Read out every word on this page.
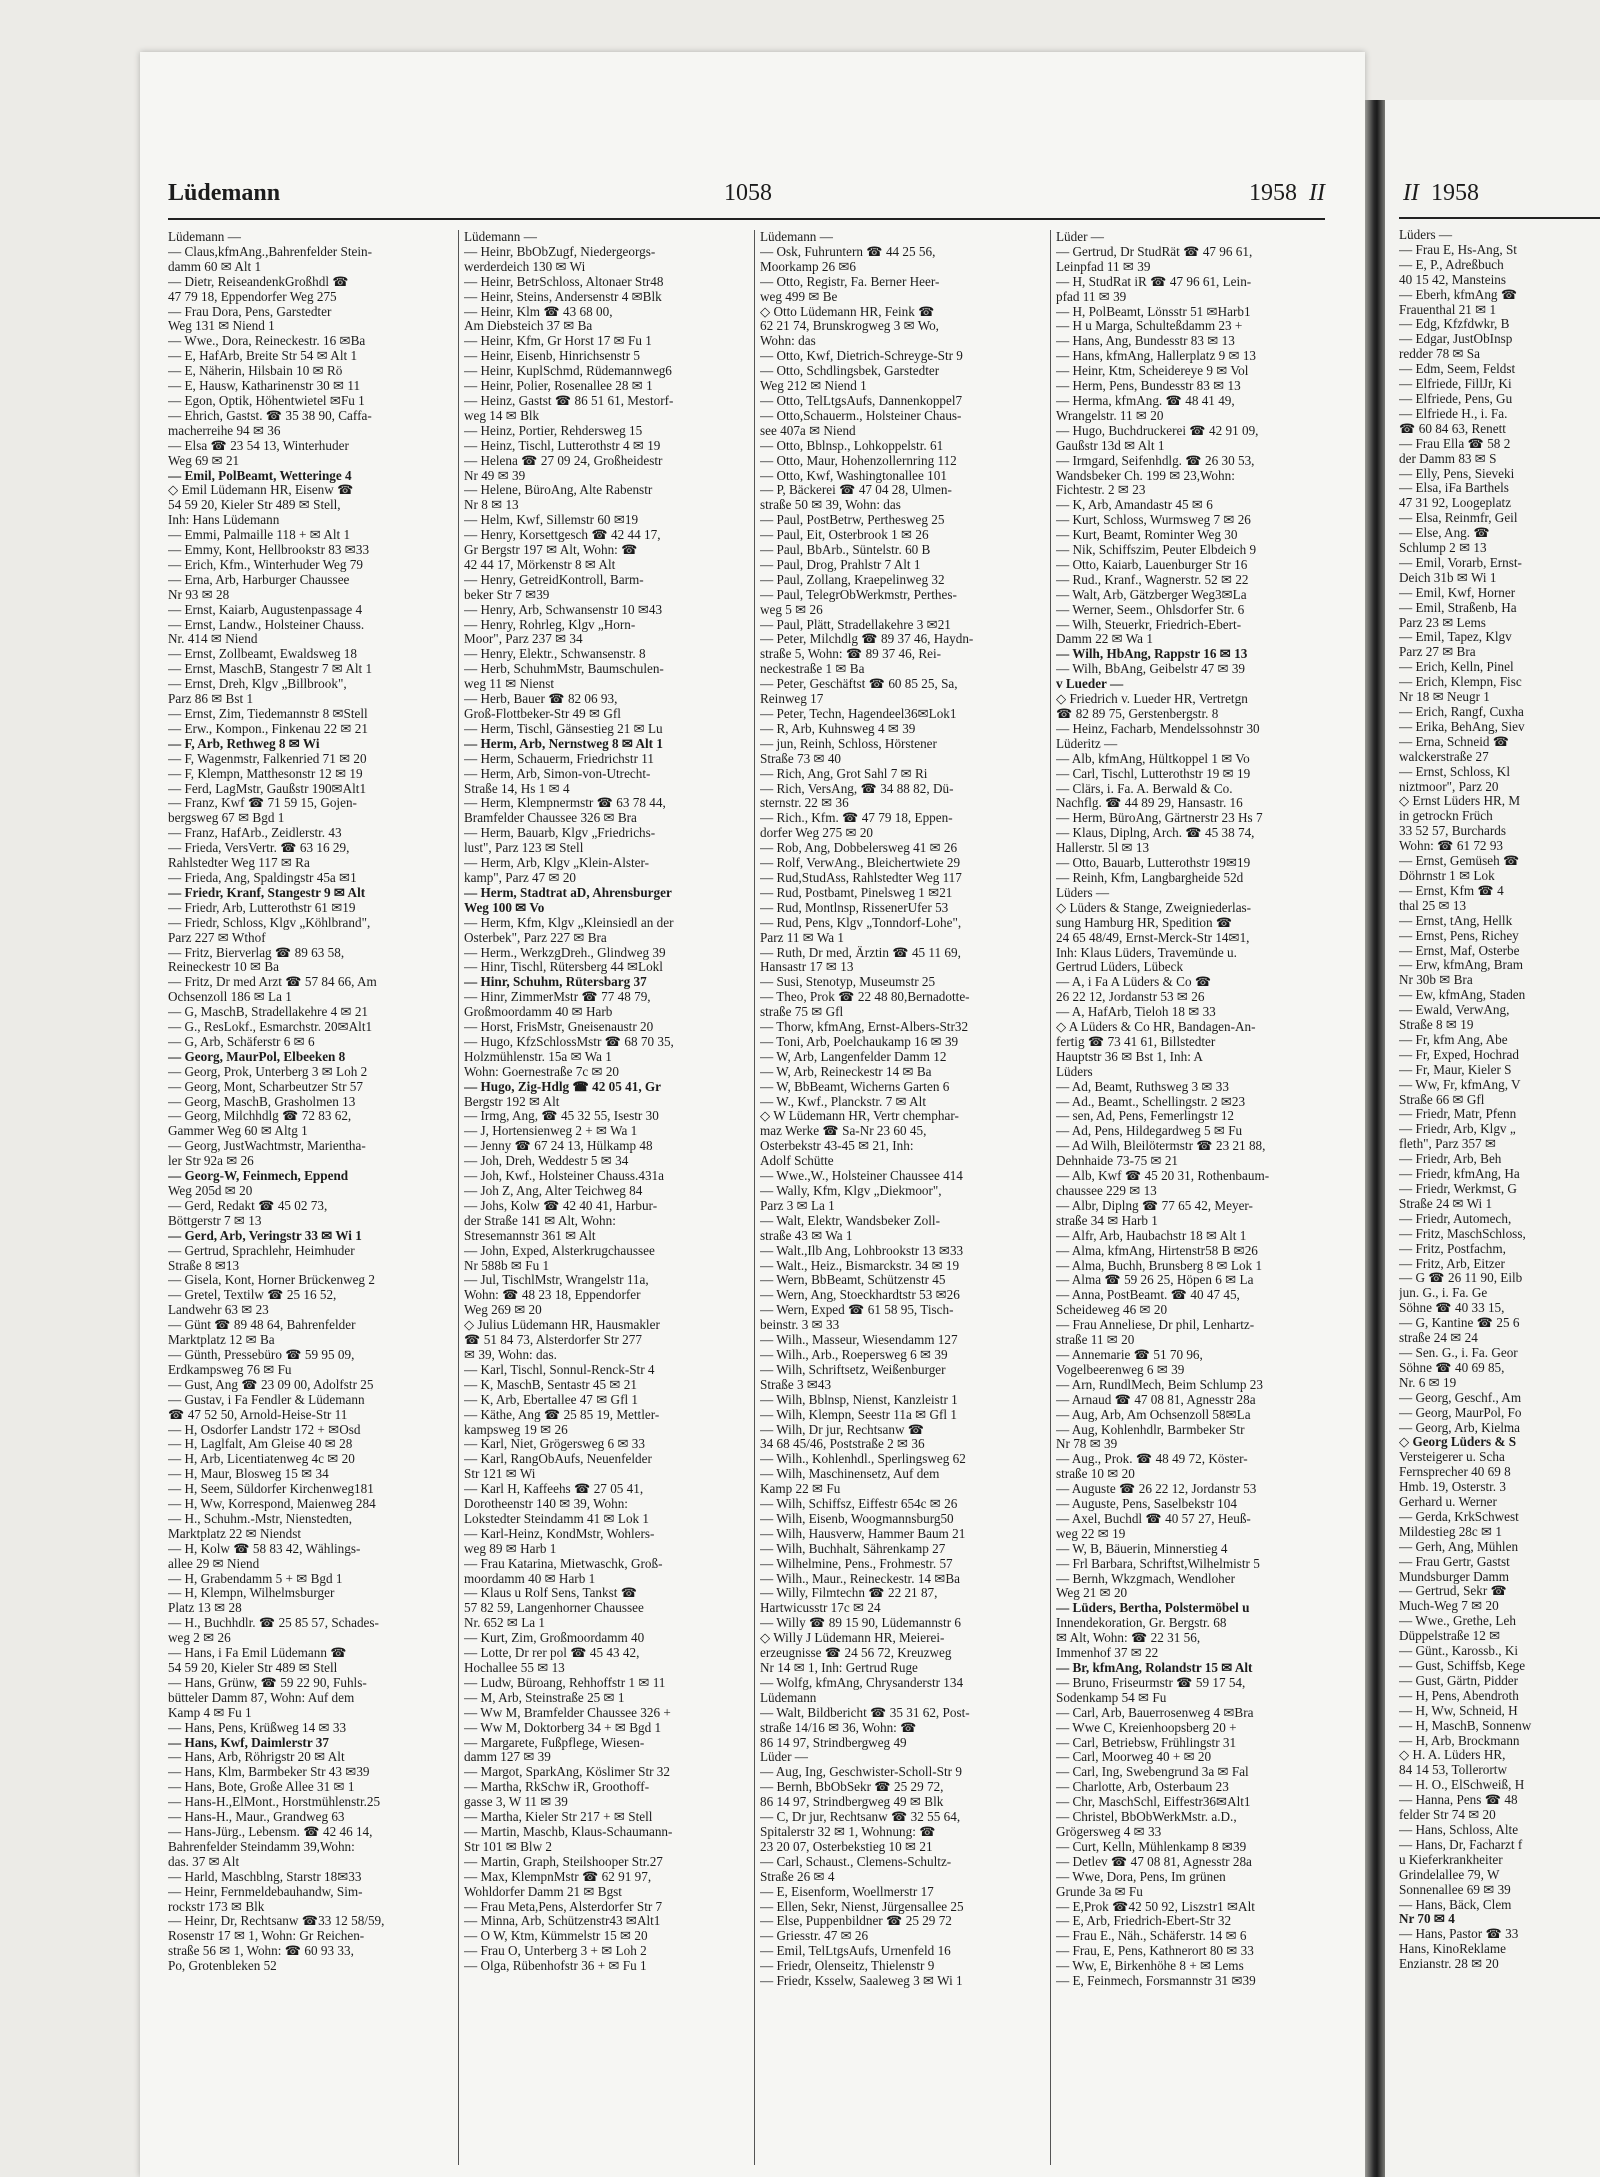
Lüdemann	1058	1958 II
Lüdemann —
— Claus,kfmAng.,Bahrenfelder Stein-
damm 60 ✉ Alt 1
— Dietr, ReiseandenkGroßhdl ☎
47 79 18, Eppendorfer Weg 275
— Frau Dora, Pens, Garstedter
Weg 131 ✉ Niend 1
— Wwe., Dora, Reineckestr. 16 ✉Ba
— E, HafArb, Breite Str 54 ✉ Alt 1
— E, Näherin, Hilsbain 10 ✉ Rö
— E, Hausw, Katharinenstr 30 ✉ 11
— Egon, Optik, Höhentwietel ✉Fu 1
— Ehrich, Gastst. ☎ 35 38 90, Caffa-
macherreihe 94 ✉ 36
— Elsa ☎ 23 54 13, Winterhuder
Weg 69 ✉ 21
— Emil, PolBeamt, Wetteringe 4
◇ Emil Lüdemann HR, Eisenw ☎
54 59 20, Kieler Str 489 ✉ Stell,
Inh: Hans Lüdemann
— Emmi, Palmaille 118 + ✉ Alt 1
— Emmy, Kont, Hellbrookstr 83 ✉33
— Erich, Kfm., Winterhuder Weg 79
— Erna, Arb, Harburger Chaussee
Nr 93 ✉ 28
— Ernst, Kaiarb, Augustenpassage 4
— Ernst, Landw., Holsteiner Chauss.
Nr. 414 ✉ Niend
— Ernst, Zollbeamt, Ewaldsweg 18
— Ernst, MaschB, Stangestr 7 ✉ Alt 1
— Ernst, Dreh, Klgv „Billbrook",
Parz 86 ✉ Bst 1
— Ernst, Zim, Tiedemannstr 8 ✉Stell
— Erw., Kompon., Finkenau 22 ✉ 21
— F, Arb, Rethweg 8 ✉ Wi
— F, Wagenmstr, Falkenried 71 ✉ 20
— F, Klempn, Matthesonstr 12 ✉ 19
— Ferd, LagMstr, Gaußstr 190✉Alt1
— Franz, Kwf ☎ 71 59 15, Gojen-
bergsweg 67 ✉ Bgd 1
— Franz, HafArb., Zeidlerstr. 43
— Frieda, VersVertr. ☎ 63 16 29,
Rahlstedter Weg 117 ✉ Ra
— Frieda, Ang, Spaldingstr 45a ✉1
— Friedr, Kranf, Stangestr 9 ✉ Alt
— Friedr, Arb, Lutterothstr 61 ✉19
— Friedr, Schloss, Klgv „Köhlbrand",
Parz 227 ✉ Wthof
— Fritz, Bierverlag ☎ 89 63 58,
Reineckestr 10 ✉ Ba
— Fritz, Dr med Arzt ☎ 57 84 66, Am
Ochsenzoll 186 ✉ La 1
— G, MaschB, Stradellakehre 4 ✉ 21
— G., ResLokf., Esmarchstr. 20✉Alt1
— G, Arb, Schäferstr 6 ✉ 6
— Georg, MaurPol, Elbeeken 8
— Georg, Prok, Unterberg 3 ✉ Loh 2
— Georg, Mont, Scharbeutzer Str 57
— Georg, MaschB, Grasholmen 13
— Georg, Milchhdlg ☎ 72 83 62,
Gammer Weg 60 ✉ Altg 1
— Georg, JustWachtmstr, Marientha-
ler Str 92a ✉ 26
— Georg-W, Feinmech, Eppend
Weg 205d ✉ 20
— Gerd, Redakt ☎ 45 02 73,
Böttgerstr 7 ✉ 13
— Gerd, Arb, Veringstr 33 ✉ Wi 1
— Gertrud, Sprachlehr, Heimhuder
Straße 8 ✉13
— Gisela, Kont, Horner Brückenweg 2
— Gretel, Textilw ☎ 25 16 52,
Landwehr 63 ✉ 23
— Günt ☎ 89 48 64, Bahrenfelder
Marktplatz 12 ✉ Ba
— Günth, Pressebüro ☎ 59 95 09,
Erdkampsweg 76 ✉ Fu
— Gust, Ang ☎ 23 09 00, Adolfstr 25
— Gustav, i Fa Fendler & Lüdemann
☎ 47 52 50, Arnold-Heise-Str 11
— H, Osdorfer Landstr 172 + ✉Osd
— H, Laglfalt, Am Gleise 40 ✉ 28
— H, Arb, Licentiatenweg 4c ✉ 20
— H, Maur, Blosweg 15 ✉ 34
— H, Seem, Süldorfer Kirchenweg181
— H, Ww, Korrespond, Maienweg 284
— H., Schuhm.-Mstr, Nienstedten,
Marktplatz 22 ✉ Niendst
— H, Kolw ☎ 58 83 42, Wählings-
allee 29 ✉ Niend
— H, Grabendamm 5 + ✉ Bgd 1
— H, Klempn, Wilhelmsburger
Platz 13 ✉ 28
— H., Buchhdlr. ☎ 25 85 57, Schades-
weg 2 ✉ 26
— Hans, i Fa Emil Lüdemann ☎
54 59 20, Kieler Str 489 ✉ Stell
— Hans, Grünw, ☎ 59 22 90, Fuhls-
bütteler Damm 87, Wohn: Auf dem
Kamp 4 ✉ Fu 1
— Hans, Pens, Krüßweg 14 ✉ 33
— Hans, Kwf, Daimlerstr 37
— Hans, Arb, Röhrigstr 20 ✉ Alt
— Hans, Klm, Barmbeker Str 43 ✉39
— Hans, Bote, Große Allee 31 ✉ 1
— Hans-H.,ElMont., Horstmühlenstr.25
— Hans-H., Maur., Grandweg 63
— Hans-Jürg., Lebensm. ☎ 42 46 14,
Bahrenfelder Steindamm 39,Wohn:
das. 37 ✉ Alt
— Harld, Maschblng, Starstr 18✉33
— Heinr, Fernmeldebauhandw, Sim-
rockstr 173 ✉ Blk
— Heinr, Dr, Rechtsanw ☎33 12 58/59,
Rosenstr 17 ✉ 1, Wohn: Gr Reichen-
straße 56 ✉ 1, Wohn: ☎ 60 93 33,
Po, Grotenbleken 52
Lüdemann —
— Heinr, BbObZugf, Niedergeorgs-
werderdeich 130 ✉ Wi
— Heinr, BetrSchloss, Altonaer Str48
— Heinr, Steins, Andersenstr 4 ✉Blk
— Heinr, Klm ☎ 43 68 00,
Am Diebsteich 37 ✉ Ba
— Heinr, Kfm, Gr Horst 17 ✉ Fu 1
— Heinr, Eisenb, Hinrichsenstr 5
— Heinr, KuplSchmd, Rüdemannweg6
— Heinr, Polier, Rosenallee 28 ✉ 1
— Heinz, Gastst ☎ 86 51 61, Mestorf-
weg 14 ✉ Blk
— Heinz, Portier, Rehdersweg 15
— Heinz, Tischl, Lutterothstr 4 ✉ 19
— Helena ☎ 27 09 24, Großheidestr
Nr 49 ✉ 39
— Helene, BüroAng, Alte Rabenstr
Nr 8 ✉ 13
— Helm, Kwf, Sillemstr 60 ✉19
— Henry, Korsettgesch ☎ 42 44 17,
Gr Bergstr 197 ✉ Alt, Wohn: ☎
42 44 17, Mörkenstr 8 ✉ Alt
— Henry, GetreidKontroll, Barm-
beker Str 7 ✉39
— Henry, Arb, Schwansenstr 10 ✉43
— Henry, Rohrleg, Klgv „Horn-
Moor", Parz 237 ✉ 34
— Henry, Elektr., Schwansenstr. 8
— Herb, SchuhmMstr, Baumschulen-
weg 11 ✉ Nienst
— Herb, Bauer ☎ 82 06 93,
Groß-Flottbeker-Str 49 ✉ Gfl
— Herm, Tischl, Gänsestieg 21 ✉ Lu
— Herm, Arb, Nernstweg 8 ✉ Alt 1
— Herm, Schauerm, Friedrichstr 11
— Herm, Arb, Simon-von-Utrecht-
Straße 14, Hs 1 ✉ 4
— Herm, Klempnermstr ☎ 63 78 44,
Bramfelder Chaussee 326 ✉ Bra
— Herm, Bauarb, Klgv „Friedrichs-
lust", Parz 123 ✉ Stell
— Herm, Arb, Klgv „Klein-Alster-
kamp", Parz 47 ✉ 20
— Herm, Stadtrat aD, Ahrensburger
Weg 100 ✉ Vo
— Herm, Kfm, Klgv „Kleinsiedl an der
Osterbek", Parz 227 ✉ Bra
— Herm., WerkzgDreh., Glindweg 39
— Hinr, Tischl, Rütersberg 44 ✉Lokl
— Hinr, Schuhm, Rütersbarg 37
— Hinr, ZimmerMstr ☎ 77 48 79,
Großmoordamm 40 ✉ Harb
— Horst, FrisMstr, Gneisenaustr 20
— Hugo, KfzSchlossMstr ☎ 68 70 35,
Holzmühlenstr. 15a ✉ Wa 1
Wohn: Goernestraße 7c ✉ 20
— Hugo, Zig-Hdlg ☎ 42 05 41, Gr
Bergstr 192 ✉ Alt
— Irmg, Ang, ☎ 45 32 55, Isestr 30
— J, Hortensienweg 2 + ✉ Wa 1
— Jenny ☎ 67 24 13, Hülkamp 48
— Joh, Dreh, Weddestr 5 ✉ 34
— Joh, Kwf., Holsteiner Chauss.431a
— Joh Z, Ang, Alter Teichweg 84
— Johs, Kolw ☎ 42 40 41, Harbur-
der Straße 141 ✉ Alt, Wohn:
Stresemannstr 361 ✉ Alt
— John, Exped, Alsterkrugchaussee
Nr 588b ✉ Fu 1
— Jul, TischlMstr, Wrangelstr 11a,
Wohn: ☎ 48 23 18, Eppendorfer
Weg 269 ✉ 20
◇ Julius Lüdemann HR, Hausmakler
☎ 51 84 73, Alsterdorfer Str 277
✉ 39, Wohn: das.
— Karl, Tischl, Sonnul-Renck-Str 4
— K, MaschB, Sentastr 45 ✉ 21
— K, Arb, Ebertallee 47 ✉ Gfl 1
— Käthe, Ang ☎ 25 85 19, Mettler-
kampsweg 19 ✉ 26
— Karl, Niet, Grögersweg 6 ✉ 33
— Karl, RangObAufs, Neuenfelder
Str 121 ✉ Wi
— Karl H, Kaffeehs ☎ 27 05 41,
Dorotheenstr 140 ✉ 39, Wohn:
Lokstedter Steindamm 41 ✉ Lok 1
— Karl-Heinz, KondMstr, Wohlers-
weg 89 ✉ Harb 1
— Frau Katarina, Mietwaschk, Groß-
moordamm 40 ✉ Harb 1
— Klaus u Rolf Sens, Tankst ☎
57 82 59, Langenhorner Chaussee
Nr. 652 ✉ La 1
— Kurt, Zim, Großmoordamm 40
— Lotte, Dr rer pol ☎ 45 43 42,
Hochallee 55 ✉ 13
— Ludw, Büroang, Rehhoffstr 1 ✉ 11
— M, Arb, Steinstraße 25 ✉ 1
— Ww M, Bramfelder Chaussee 326 +
— Ww M, Doktorberg 34 + ✉ Bgd 1
— Margarete, Fußpflege, Wiesen-
damm 127 ✉ 39
— Margot, SparkAng, Köslimer Str 32
— Martha, RkSchw iR, Groothoff-
gasse 3, W 11 ✉ 39
— Martha, Kieler Str 217 + ✉ Stell
— Martin, Maschb, Klaus-Schaumann-
Str 101 ✉ Blw 2
— Martin, Graph, Steilshooper Str.27
— Max, KlempnMstr ☎ 62 91 97,
Wohldorfer Damm 21 ✉ Bgst
— Frau Meta,Pens, Alsterdorfer Str 7
— Minna, Arb, Schützenstr43 ✉Alt1
— O W, Ktm, Kümmelstr 15 ✉ 20
— Frau O, Unterberg 3 + ✉ Loh 2
— Olga, Rübenhofstr 36 + ✉ Fu 1
Lüdemann —
— Osk, Fuhruntern ☎ 44 25 56,
Moorkamp 26 ✉6
— Otto, Registr, Fa. Berner Heer-
weg 499 ✉ Be
◇ Otto Lüdemann HR, Feink ☎
62 21 74, Brunskrogweg 3 ✉ Wo,
Wohn: das
— Otto, Kwf, Dietrich-Schreyge-Str 9
— Otto, Schdlingsbek, Garstedter
Weg 212 ✉ Niend 1
— Otto, TelLtgsAufs, Dannenkoppel7
— Otto,Schauerm., Holsteiner Chaus-
see 407a ✉ Niend
— Otto, Bblnsp., Lohkoppelstr. 61
— Otto, Maur, Hohenzollernring 112
— Otto, Kwf, Washingtonallee 101
— P, Bäckerei ☎ 47 04 28, Ulmen-
straße 50 ✉ 39, Wohn: das
— Paul, PostBetrw, Perthesweg 25
— Paul, Eit, Osterbrook 1 ✉ 26
— Paul, BbArb., Süntelstr. 60 B
— Paul, Drog, Prahlstr 7 Alt 1
— Paul, Zollang, Kraepelinweg 32
— Paul, TelegrObWerkmstr, Perthes-
weg 5 ✉ 26
— Paul, Plätt, Stradellakehre 3 ✉21
— Peter, Milchdlg ☎ 89 37 46, Haydn-
straße 5, Wohn: ☎ 89 37 46, Rei-
neckestraße 1 ✉ Ba
— Peter, Geschäftst ☎ 60 85 25, Sa,
Reinweg 17
— Peter, Techn, Hagendeel36✉Lok1
— R, Arb, Kuhnsweg 4 ✉ 39
— jun, Reinh, Schloss, Hörstener
Straße 73 ✉ 40
— Rich, Ang, Grot Sahl 7 ✉ Ri
— Rich, VersAng, ☎ 34 88 82, Dü-
sternstr. 22 ✉ 36
— Rich., Kfm. ☎ 47 79 18, Eppen-
dorfer Weg 275 ✉ 20
— Rob, Ang, Dobbelersweg 41 ✉ 26
— Rolf, VerwAng., Bleichertwiete 29
— Rud,StudAss, Rahlstedter Weg 117
— Rud, Postbamt, Pinelsweg 1 ✉21
— Rud, Montlnsp, RissenerUfer 53
— Rud, Pens, Klgv „Tonndorf-Lohe",
Parz 11 ✉ Wa 1
— Ruth, Dr med, Ärztin ☎ 45 11 69,
Hansastr 17 ✉ 13
— Susi, Stenotyp, Museumstr 25
— Theo, Prok ☎ 22 48 80,Bernadotte-
straße 75 ✉ Gfl
— Thorw, kfmAng, Ernst-Albers-Str32
— Toni, Arb, Poelchaukamp 16 ✉ 39
— W, Arb, Langenfelder Damm 12
— W, Arb, Reineckestr 14 ✉ Ba
— W, BbBeamt, Wicherns Garten 6
— W., Kwf., Planckstr. 7 ✉ Alt
◇ W Lüdemann HR, Vertr chemphar-
maz Werke ☎ Sa-Nr 23 60 45,
Osterbekstr 43-45 ✉ 21, Inh:
Adolf Schütte
— Wwe.,W., Holsteiner Chaussee 414
— Wally, Kfm, Klgv „Diekmoor",
Parz 3 ✉ La 1
— Walt, Elektr, Wandsbeker Zoll-
straße 43 ✉ Wa 1
— Walt.,Ilb Ang, Lohbrookstr 13 ✉33
— Walt., Heiz., Bismarckstr. 34 ✉ 19
— Wern, BbBeamt, Schützenstr 45
— Wern, Ang, Stoeckhardtstr 53 ✉26
— Wern, Exped ☎ 61 58 95, Tisch-
beinstr. 3 ✉ 33
— Wilh., Masseur, Wiesendamm 127
— Wilh., Arb., Roepersweg 6 ✉ 39
— Wilh, Schriftsetz, Weißenburger
Straße 3 ✉43
— Wilh, Bblnsp, Nienst, Kanzleistr 1
— Wilh, Klempn, Seestr 11a ✉ Gfl 1
— Wilh, Dr jur, Rechtsanw ☎
34 68 45/46, Poststraße 2 ✉ 36
— Wilh., Kohlenhdl., Sperlingsweg 62
— Wilh, Maschinensetz, Auf dem
Kamp 22 ✉ Fu
— Wilh, Schiffsz, Eiffestr 654c ✉ 26
— Wilh, Eisenb, Woogmannsburg50
— Wilh, Hausverw, Hammer Baum 21
— Wilh, Buchhalt, Sährenkamp 27
— Wilhelmine, Pens., Frohmestr. 57
— Wilh., Maur., Reineckestr. 14 ✉Ba
— Willy, Filmtechn ☎ 22 21 87,
Hartwicusstr 17c ✉ 24
— Willy ☎ 89 15 90, Lüdemannstr 6
◇ Willy J Lüdemann HR, Meierei-
erzeugnisse ☎ 24 56 72, Kreuzweg
Nr 14 ✉ 1, Inh: Gertrud Ruge
— Wolfg, kfmAng, Chrysanderstr 134
Lüdemann
— Walt, Bildbericht ☎ 35 31 62, Post-
straße 14/16 ✉ 36, Wohn: ☎
86 14 97, Strindbergweg 49
Lüder —
— Aug, Ing, Geschwister-Scholl-Str 9
— Bernh, BbObSekr ☎ 25 29 72,
86 14 97, Strindbergweg 49 ✉ Blk
— C, Dr jur, Rechtsanw ☎ 32 55 64,
Spitalerstr 32 ✉ 1, Wohnung: ☎
23 20 07, Osterbekstieg 10 ✉ 21
— Carl, Schaust., Clemens-Schultz-
Straße 26 ✉ 4
— E, Eisenform, Woellmerstr 17
— Ellen, Sekr, Nienst, Jürgensallee 25
— Else, Puppenbildner ☎ 25 29 72
— Griesstr. 47 ✉ 26
— Emil, TelLtgsAufs, Urnenfeld 16
— Friedr, Olenseitz, Thielenstr 9
— Friedr, Ksselw, Saaleweg 3 ✉ Wi 1
Lüder —
— Gertrud, Dr StudRät ☎ 47 96 61,
Leinpfad 11 ✉ 39
— H, StudRat iR ☎ 47 96 61, Lein-
pfad 11 ✉ 39
— H, PolBeamt, Lönsstr 51 ✉Harb1
— H u Marga, Schulteßdamm 23 +
— Hans, Ang, Bundesstr 83 ✉ 13
— Hans, kfmAng, Hallerplatz 9 ✉ 13
— Heinr, Ktm, Scheidereye 9 ✉ Vol
— Herm, Pens, Bundesstr 83 ✉ 13
— Herma, kfmAng. ☎ 48 41 49,
Wrangelstr. 11 ✉ 20
— Hugo, Buchdruckerei ☎ 42 91 09,
Gaußstr 13d ✉ Alt 1
— Irmgard, Seifenhdlg. ☎ 26 30 53,
Wandsbeker Ch. 199 ✉ 23,Wohn:
Fichtestr. 2 ✉ 23
— K, Arb, Amandastr 45 ✉ 6
— Kurt, Schloss, Wurmsweg 7 ✉ 26
— Kurt, Beamt, Rominter Weg 30
— Nik, Schiffszim, Peuter Elbdeich 9
— Otto, Kaiarb, Lauenburger Str 16
— Rud., Kranf., Wagnerstr. 52 ✉ 22
— Walt, Arb, Gätzberger Weg3✉La
— Werner, Seem., Ohlsdorfer Str. 6
— Wilh, Steuerkr, Friedrich-Ebert-
Damm 22 ✉ Wa 1
— Wilh, HbAng, Rappstr 16 ✉ 13
— Wilh, BbAng, Geibelstr 47 ✉ 39
v Lueder —
◇ Friedrich v. Lueder HR, Vertretgn
☎ 82 89 75, Gerstenbergstr. 8
— Heinz, Facharb, Mendelssohnstr 30
Lüderitz —
— Alb, kfmAng, Hültkoppel 1 ✉ Vo
— Carl, Tischl, Lutterothstr 19 ✉ 19
— Clärs, i. Fa. A. Berwald & Co.
Nachflg. ☎ 44 89 29, Hansastr. 16
— Herm, BüroAng, Gärtnerstr 23 Hs 7
— Klaus, Diplng, Arch. ☎ 45 38 74,
Hallerstr. 5l ✉ 13
— Otto, Bauarb, Lutterothstr 19✉19
— Reinh, Kfm, Langbargheide 52d
Lüders —
◇ Lüders & Stange, Zweigniederlas-
sung Hamburg HR, Spedition ☎
24 65 48/49, Ernst-Merck-Str 14✉1,
Inh: Klaus Lüders, Travemünde u.
Gertrud Lüders, Lübeck
— A, i Fa A Lüders & Co ☎
26 22 12, Jordanstr 53 ✉ 26
— A, HafArb, Tieloh 18 ✉ 33
◇ A Lüders & Co HR, Bandagen-An-
fertig ☎ 73 41 61, Billstedter
Hauptstr 36 ✉ Bst 1, Inh: A
Lüders
— Ad, Beamt, Ruthsweg 3 ✉ 33
— Ad., Beamt., Schellingstr. 2 ✉23
— sen, Ad, Pens, Femerlingstr 12
— Ad, Pens, Hildegardweg 5 ✉ Fu
— Ad Wilh, Bleilötermstr ☎ 23 21 88,
Dehnhaide 73-75 ✉ 21
— Alb, Kwf ☎ 45 20 31, Rothenbaum-
chaussee 229 ✉ 13
— Albr, Diplng ☎ 77 65 42, Meyer-
straße 34 ✉ Harb 1
— Alfr, Arb, Haubachstr 18 ✉ Alt 1
— Alma, kfmAng, Hirtenstr58 B ✉26
— Alma, Buchh, Brunsberg 8 ✉ Lok 1
— Alma ☎ 59 26 25, Höpen 6 ✉ La
— Anna, PostBeamt. ☎ 40 47 45,
Scheideweg 46 ✉ 20
— Frau Anneliese, Dr phil, Lenhartz-
straße 11 ✉ 20
— Annemarie ☎ 51 70 96,
Vogelbeerenweg 6 ✉ 39
— Arn, RundlMech, Beim Schlump 23
— Arnaud ☎ 47 08 81, Agnesstr 28a
— Aug, Arb, Am Ochsenzoll 58✉La
— Aug, Kohlenhdlr, Barmbeker Str
Nr 78 ✉ 39
— Aug., Prok. ☎ 48 49 72, Köster-
straße 10 ✉ 20
— Auguste ☎ 26 22 12, Jordanstr 53
— Auguste, Pens, Saselbekstr 104
— Axel, Buchdl ☎ 40 57 27, Heuß-
weg 22 ✉ 19
— W, B, Bäuerin, Minnerstieg 4
— Frl Barbara, Schriftst,Wilhelmistr 5
— Bernh, Wkzgmach, Wendloher
Weg 21 ✉ 20
— Lüders, Bertha, Polstermöbel u
Innendekoration, Gr. Bergstr. 68
✉ Alt, Wohn: ☎ 22 31 56,
Immenhof 37 ✉ 22
— Br, kfmAng, Rolandstr 15 ✉ Alt
— Bruno, Friseurmstr ☎ 59 17 54,
Sodenkamp 54 ✉ Fu
— Carl, Arb, Bauerrosenweg 4 ✉Bra
— Wwe C, Kreienhoopsberg 20 +
— Carl, Betriebsw, Frühlingstr 31
— Carl, Moorweg 40 + ✉ 20
— Carl, Ing, Swebengrund 3a ✉ Fal
— Charlotte, Arb, Osterbaum 23
— Chr, MaschSchl, Eiffestr36✉Alt1
— Christel, BbObWerkMstr. a.D.,
Grögersweg 4 ✉ 33
— Curt, Kelln, Mühlenkamp 8 ✉39
— Detlev ☎ 47 08 81, Agnesstr 28a
— Wwe, Dora, Pens, Im grünen
Grunde 3a ✉ Fu
— E,Prok ☎42 50 92, Liszstr1 ✉Alt
— E, Arb, Friedrich-Ebert-Str 32
— Frau E., Näh., Schäferstr. 14 ✉ 6
— Frau, E, Pens, Kathnerort 80 ✉ 33
— Ww, E, Birkenhöhe 8 + ✉ Lems
— E, Feinmech, Forsmannstr 31 ✉39
II 1958
Lüders —
— Frau E, Hs-Ang, St
— E, P., Adreßbuch
40 15 42, Mansteins
— Eberh, kfmAng ☎
Frauenthal 21 ✉ 1
— Edg, Kfzfdwkr, B
— Edgar, JustObInsp
redder 78 ✉ Sa
— Edm, Seem, Feldst
— Elfriede, FillJr, Ki
— Elfriede, Pens, Gu
— Elfriede H., i. Fa.
☎ 60 84 63, Renett
— Frau Ella ☎ 58 2
der Damm 83 ✉ S
— Elly, Pens, Sieveki
— Elsa, iFa Barthels
47 31 92, Loogeplatz
— Elsa, Reinmfr, Geil
— Else, Ang. ☎
Schlump 2 ✉ 13
— Emil, Vorarb, Ernst-
Deich 31b ✉ Wi 1
— Emil, Kwf, Horner
— Emil, Straßenb, Ha
Parz 23 ✉ Lems
— Emil, Tapez, Klgv
Parz 27 ✉ Bra
— Erich, Kelln, Pinel
— Erich, Klempn, Fisc
Nr 18 ✉ Neugr 1
— Erich, Rangf, Cuxha
— Erika, BehAng, Siev
— Erna, Schneid ☎
walckerstraße 27
— Ernst, Schloss, Kl
niztmoor", Parz 20
◇ Ernst Lüders HR, M
in getrockn Früch
33 52 57, Burchards
Wohn: ☎ 61 72 93
— Ernst, Gemüseh ☎
Döhrnstr 1 ✉ Lok
— Ernst, Kfm ☎ 4
thal 25 ✉ 13
— Ernst, tAng, Hellk
— Ernst, Pens, Richey
— Ernst, Maf, Osterbe
— Erw, kfmAng, Bram
Nr 30b ✉ Bra
— Ew, kfmAng, Staden
— Ewald, VerwAng,
Straße 8 ✉ 19
— Fr, kfm Ang, Abe
— Fr, Exped, Hochrad
— Fr, Maur, Kieler S
— Ww, Fr, kfmAng, V
Straße 66 ✉ Gfl
— Friedr, Matr, Pfenn
— Friedr, Arb, Klgv „
fleth", Parz 357 ✉
— Friedr, Arb, Beh
— Friedr, kfmAng, Ha
— Friedr, Werkmst, G
Straße 24 ✉ Wi 1
— Friedr, Automech,
— Fritz, MaschSchloss,
— Fritz, Postfachm,
— Fritz, Arb, Eitzer
— G ☎ 26 11 90, Eilb
jun. G., i. Fa. Ge
Söhne ☎ 40 33 15,
— G, Kantine ☎ 25 6
straße 24 ✉ 24
— Sen. G., i. Fa. Geor
Söhne ☎ 40 69 85,
Nr. 6 ✉ 19
— Georg, Geschf., Am
— Georg, MaurPol, Fo
— Georg, Arb, Kielma
◇ Georg Lüders & S
Versteigerer u. Scha
Fernsprecher 40 69 8
Hmb. 19, Osterstr. 3
Gerhard u. Werner
— Gerda, KrkSchwest
Mildestieg 28c ✉ 1
— Gerh, Ang, Mühlen
— Frau Gertr, Gastst
Mundsburger Damm
— Gertrud, Sekr ☎
Much-Weg 7 ✉ 20
— Wwe., Grethe, Leh
Düppelstraße 12 ✉
— Günt., Karossb., Ki
— Gust, Schiffsb, Kege
— Gust, Gärtn, Pidder
— H, Pens, Abendroth
— H, Ww, Schneid, H
— H, MaschB, Sonnenw
— H, Arb, Brockmann
◇ H. A. Lüders HR,
84 14 53, Tollerortw
— H. O., ElSchweiß, H
— Hanna, Pens ☎ 48
felder Str 74 ✉ 20
— Hans, Schloss, Alte
— Hans, Dr, Facharzt f
u Kieferkrankheiter
Grindelallee 79, W
Sonnenallee 69 ✉ 39
— Hans, Bäck, Clem
Nr 70 ✉ 4
— Hans, Pastor ☎ 33
Hans, KinoReklame
Enzianstr. 28 ✉ 20
